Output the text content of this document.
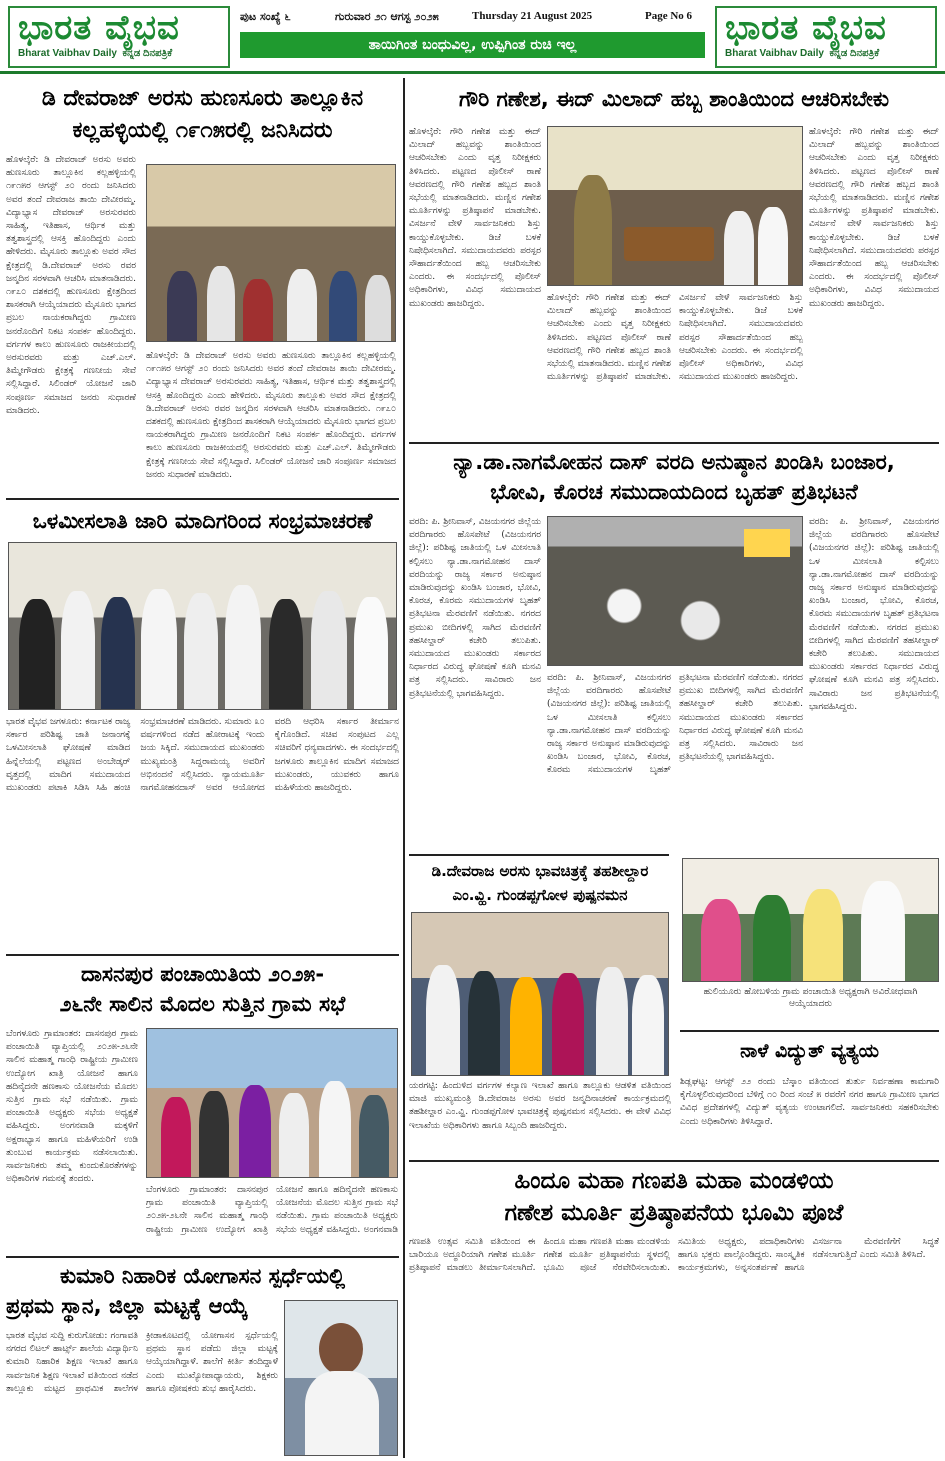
ಭಾರತ ವೈಭವ
Bharat Vaibhav Daily ಕನ್ನಡ ದಿನಪತ್ರಿಕೆ
ಪುಟ ಸಂಖ್ಯೆ ೬	ಗುರುವಾರ ೨೧ ಆಗಸ್ಟ ೨೦೨೫	Thursday 21 August 2025	Page No 6
ತಾಯಿಗಿಂತ ಬಂಧುವಿಲ್ಲ, ಉಪ್ಪಿಗಿಂತ ರುಚಿ ಇಲ್ಲ	ಭಾರತ ವೈಭವ
Bharat Vaibhav Daily ಕನ್ನಡ ದಿನಪತ್ರಿಕೆ
ಡಿ ದೇವರಾಜ್ ಅರಸು ಹುಣಸೂರು ತಾಲ್ಲೂಕಿನ
ಕಲ್ಲಹಳ್ಳಿಯಲ್ಲಿ ೧೯೧೫ರಲ್ಲಿ ಜನಿಸಿದರು
ಹೊಳಲ್ಕೆರೆ: ಡಿ ದೇವರಾಜ್ ಅರಸು ಅವರು ಹುಣಸೂರು ತಾಲ್ಲೂಕಿನ ಕಲ್ಲಹಳ್ಳಿಯಲ್ಲಿ ೧೯೧೫ರ ಆಗಸ್ಟ್ ೨೦ ರಂದು ಜನಿಸಿದರು ಅವರ ತಂದೆ ದೇವರಾಜ ತಾಯಿ ದೇವೀರಮ್ಮ. ವಿದ್ಯಾಭ್ಯಾಸ ದೇವರಾಜ್ ಅರಸುರವರು ಸಾಹಿತ್ಯ, ಇತಿಹಾಸ, ಆರ್ಥಿಕ ಮತ್ತು ತತ್ವಶಾಸ್ತ್ರದಲ್ಲಿ ಆಸಕ್ತಿ ಹೊಂದಿದ್ದರು ಎಂದು ಹೇಳಿದರು. ಮೈಸೂರು ತಾಲ್ಲೂಕು ಅವರ ಸೌದ ಕ್ಷೇತ್ರದಲ್ಲಿ ಡಿ.ದೇವರಾಜ್ ಅರಸು ರವರ ಜನ್ಮದಿನ ಸರಳವಾಗಿ ಆಚರಿಸಿ ಮಾತನಾಡಿದರು. ೧೯೭೦ ದಶಕದಲ್ಲಿ ಹುಣಸೂರು ಕ್ಷೇತ್ರದಿಂದ ಶಾಸಕರಾಗಿ ಆಯ್ಕೆಯಾದರು ಮೈಸೂರು ಭಾಗದ ಪ್ರಬಲ ನಾಯಕರಾಗಿದ್ದರು ಗ್ರಾಮೀಣ ಜನರೊಂದಿಗೆ ನಿಕಟ ಸಂಪರ್ಕ ಹೊಂದಿದ್ದರು. ವರ್ಗಗಳ ಕಾಲು ಹುಣಸೂರು ರಾಜಕೀಯದಲ್ಲಿ ಅರಸುರವರು ಮತ್ತು ಎಚ್.ಎಲ್. ತಿಮ್ಮೇಗೌಡರು ಕ್ಷೇತ್ರಕ್ಕೆ ಗಣನೀಯ ಸೇವೆ ಸಲ್ಲಿಸಿದ್ದಾರೆ. ಸಿಲಿಂಡರ್ ಯೋಜನೆ ಜಾರಿ ಸಂಪೂರ್ಣ ಸಮಾಜದ ಜನರು ಸುಧಾರಣೆ ಮಾಡಿದರು.
ಹೊಳಲ್ಕೆರೆ: ಡಿ ದೇವರಾಜ್ ಅರಸು ಅವರು ಹುಣಸೂರು ತಾಲ್ಲೂಕಿನ ಕಲ್ಲಹಳ್ಳಿಯಲ್ಲಿ ೧೯೧೫ರ ಆಗಸ್ಟ್ ೨೦ ರಂದು ಜನಿಸಿದರು ಅವರ ತಂದೆ ದೇವರಾಜ ತಾಯಿ ದೇವೀರಮ್ಮ. ವಿದ್ಯಾಭ್ಯಾಸ ದೇವರಾಜ್ ಅರಸುರವರು ಸಾಹಿತ್ಯ, ಇತಿಹಾಸ, ಆರ್ಥಿಕ ಮತ್ತು ತತ್ವಶಾಸ್ತ್ರದಲ್ಲಿ ಆಸಕ್ತಿ ಹೊಂದಿದ್ದರು ಎಂದು ಹೇಳಿದರು. ಮೈಸೂರು ತಾಲ್ಲೂಕು ಅವರ ಸೌದ ಕ್ಷೇತ್ರದಲ್ಲಿ ಡಿ.ದೇವರಾಜ್ ಅರಸು ರವರ ಜನ್ಮದಿನ ಸರಳವಾಗಿ ಆಚರಿಸಿ ಮಾತನಾಡಿದರು. ೧೯೭೦ ದಶಕದಲ್ಲಿ ಹುಣಸೂರು ಕ್ಷೇತ್ರದಿಂದ ಶಾಸಕರಾಗಿ ಆಯ್ಕೆಯಾದರು ಮೈಸೂರು ಭಾಗದ ಪ್ರಬಲ ನಾಯಕರಾಗಿದ್ದರು ಗ್ರಾಮೀಣ ಜನರೊಂದಿಗೆ ನಿಕಟ ಸಂಪರ್ಕ ಹೊಂದಿದ್ದರು. ವರ್ಗಗಳ ಕಾಲು ಹುಣಸೂರು ರಾಜಕೀಯದಲ್ಲಿ ಅರಸುರವರು ಮತ್ತು ಎಚ್.ಎಲ್. ತಿಮ್ಮೇಗೌಡರು ಕ್ಷೇತ್ರಕ್ಕೆ ಗಣನೀಯ ಸೇವೆ ಸಲ್ಲಿಸಿದ್ದಾರೆ. ಸಿಲಿಂಡರ್ ಯೋಜನೆ ಜಾರಿ ಸಂಪೂರ್ಣ ಸಮಾಜದ ಜನರು ಸುಧಾರಣೆ ಮಾಡಿದರು.
ಒಳಮೀಸಲಾತಿ ಜಾರಿ ಮಾದಿಗರಿಂದ ಸಂಭ್ರಮಾಚರಣೆ
ಭಾರತ ವೈಭವ ಜಗಳೂರು: ಕರ್ನಾಟಕ ರಾಜ್ಯ ಸರ್ಕಾರ ಪರಿಶಿಷ್ಟ ಜಾತಿ ಜನಾಂಗಕ್ಕೆ ಒಳಮೀಸಲಾತಿ ಘೋಷಣೆ ಮಾಡಿದ ಹಿನ್ನೆಲೆಯಲ್ಲಿ ಪಟ್ಟಣದ ಅಂಬೇಡ್ಕರ್ ವೃತ್ತದಲ್ಲಿ ಮಾದಿಗ ಸಮುದಾಯದ ಮುಖಂಡರು ಪಟಾಕಿ ಸಿಡಿಸಿ ಸಿಹಿ ಹಂಚಿ ಸಂಭ್ರಮಾಚರಣೆ ಮಾಡಿದರು. ಸುಮಾರು ೩೦ ವರ್ಷಗಳಿಂದ ನಡೆದ ಹೋರಾಟಕ್ಕೆ ಇಂದು ಜಯ ಸಿಕ್ಕಿದೆ. ಸಮುದಾಯದ ಮುಖಂಡರು ಮುಖ್ಯಮಂತ್ರಿ ಸಿದ್ದರಾಮಯ್ಯ ಅವರಿಗೆ ಅಭಿನಂದನೆ ಸಲ್ಲಿಸಿದರು. ನ್ಯಾಯಮೂರ್ತಿ ನಾಗಮೋಹನದಾಸ್ ಅವರ ಆಯೋಗದ ವರದಿ ಆಧರಿಸಿ ಸರ್ಕಾರ ತೀರ್ಮಾನ ಕೈಗೊಂಡಿದೆ. ಸಚಿವ ಸಂಪುಟದ ಎಲ್ಲ ಸಚಿವರಿಗೆ ಧನ್ಯವಾದಗಳು. ಈ ಸಂದರ್ಭದಲ್ಲಿ ಜಗಳೂರು ತಾಲ್ಲೂಕಿನ ಮಾದಿಗ ಸಮಾಜದ ಮುಖಂಡರು, ಯುವಕರು ಹಾಗೂ ಮಹಿಳೆಯರು ಹಾಜರಿದ್ದರು.
ದಾಸನಪುರ ಪಂಚಾಯಿತಿಯ ೨೦೨೫-
೨೬ನೇ ಸಾಲಿನ ಮೊದಲ ಸುತ್ತಿನ ಗ್ರಾಮ ಸಭೆ
ಬೆಂಗಳೂರು ಗ್ರಾಮಾಂತರ: ದಾಸನಪುರ ಗ್ರಾಮ ಪಂಚಾಯಿತಿ ವ್ಯಾಪ್ತಿಯಲ್ಲಿ ೨೦೨೫-೨೬ನೇ ಸಾಲಿನ ಮಹಾತ್ಮ ಗಾಂಧಿ ರಾಷ್ಟ್ರೀಯ ಗ್ರಾಮೀಣ ಉದ್ಯೋಗ ಖಾತ್ರಿ ಯೋಜನೆ ಹಾಗೂ ಹದಿನೈದನೇ ಹಣಕಾಸು ಯೋಜನೆಯ ಮೊದಲ ಸುತ್ತಿನ ಗ್ರಾಮ ಸಭೆ ನಡೆಯಿತು. ಗ್ರಾಮ ಪಂಚಾಯಿತಿ ಅಧ್ಯಕ್ಷರು ಸಭೆಯ ಅಧ್ಯಕ್ಷತೆ ವಹಿಸಿದ್ದರು. ಅಂಗನವಾಡಿ ಮಕ್ಕಳಿಗೆ ಅಕ್ಷರಾಭ್ಯಾಸ ಹಾಗೂ ಮಹಿಳೆಯರಿಗೆ ಉಡಿ ತುಂಬುವ ಕಾರ್ಯಕ್ರಮ ನಡೆಸಲಾಯಿತು. ಸಾರ್ವಜನಿಕರು ತಮ್ಮ ಕುಂದುಕೊರತೆಗಳನ್ನು ಅಧಿಕಾರಿಗಳ ಗಮನಕ್ಕೆ ತಂದರು.
ಬೆಂಗಳೂರು ಗ್ರಾಮಾಂತರ: ದಾಸನಪುರ ಗ್ರಾಮ ಪಂಚಾಯಿತಿ ವ್ಯಾಪ್ತಿಯಲ್ಲಿ ೨೦೨೫-೨೬ನೇ ಸಾಲಿನ ಮಹಾತ್ಮ ಗಾಂಧಿ ರಾಷ್ಟ್ರೀಯ ಗ್ರಾಮೀಣ ಉದ್ಯೋಗ ಖಾತ್ರಿ ಯೋಜನೆ ಹಾಗೂ ಹದಿನೈದನೇ ಹಣಕಾಸು ಯೋಜನೆಯ ಮೊದಲ ಸುತ್ತಿನ ಗ್ರಾಮ ಸಭೆ ನಡೆಯಿತು. ಗ್ರಾಮ ಪಂಚಾಯಿತಿ ಅಧ್ಯಕ್ಷರು ಸಭೆಯ ಅಧ್ಯಕ್ಷತೆ ವಹಿಸಿದ್ದರು. ಅಂಗನವಾಡಿ
ಕುಮಾರಿ ನಿಹಾರಿಕ ಯೋಗಾಸನ ಸ್ಪರ್ಧೆಯಲ್ಲಿ
ಪ್ರಥಮ ಸ್ಥಾನ, ಜಿಲ್ಲಾ ಮಟ್ಟಕ್ಕೆ ಆಯ್ಕೆ
ಭಾರತ ವೈಭವ ಸುದ್ದಿ ಕುರುಗೋಡು: ಗಂಗಾವತಿ ನಗರದ ಲಿಟಲ್ ಹಾರ್ಟ್ಸ್ ಶಾಲೆಯ ವಿದ್ಯಾರ್ಥಿನಿ ಕುಮಾರಿ ನಿಹಾರಿಕ ಶಿಕ್ಷಣ ಇಲಾಖೆ ಹಾಗೂ ಸಾರ್ವಜನಿಕ ಶಿಕ್ಷಣ ಇಲಾಖೆ ವತಿಯಿಂದ ನಡೆದ ತಾಲ್ಲೂಕು ಮಟ್ಟದ ಪ್ರಾಥಮಿಕ ಶಾಲೆಗಳ ಕ್ರೀಡಾಕೂಟದಲ್ಲಿ ಯೋಗಾಸನ ಸ್ಪರ್ಧೆಯಲ್ಲಿ ಪ್ರಥಮ ಸ್ಥಾನ ಪಡೆದು ಜಿಲ್ಲಾ ಮಟ್ಟಕ್ಕೆ ಆಯ್ಕೆಯಾಗಿದ್ದಾಳೆ. ಶಾಲೆಗೆ ಕೀರ್ತಿ ತಂದಿದ್ದಾಳೆ ಎಂದು ಮುಖ್ಯೋಪಾಧ್ಯಾಯರು, ಶಿಕ್ಷಕರು ಹಾಗೂ ಪೋಷಕರು ಶುಭ ಹಾರೈಸಿದರು.
ಗೌರಿ ಗಣೇಶ, ಈದ್ ಮಿಲಾದ್ ಹಬ್ಬ ಶಾಂತಿಯಿಂದ ಆಚರಿಸಬೇಕು
ಹೊಳಲ್ಕೆರೆ: ಗೌರಿ ಗಣೇಶ ಮತ್ತು ಈದ್ ಮಿಲಾದ್ ಹಬ್ಬವನ್ನು ಶಾಂತಿಯಿಂದ ಆಚರಿಸಬೇಕು ಎಂದು ವೃತ್ತ ನಿರೀಕ್ಷಕರು ತಿಳಿಸಿದರು. ಪಟ್ಟಣದ ಪೊಲೀಸ್ ಠಾಣೆ ಆವರಣದಲ್ಲಿ ಗೌರಿ ಗಣೇಶ ಹಬ್ಬದ ಶಾಂತಿ ಸಭೆಯಲ್ಲಿ ಮಾತನಾಡಿದರು. ಮಣ್ಣಿನ ಗಣೇಶ ಮೂರ್ತಿಗಳನ್ನು ಪ್ರತಿಷ್ಠಾಪನೆ ಮಾಡಬೇಕು. ವಿಸರ್ಜನೆ ವೇಳೆ ಸಾರ್ವಜನಿಕರು ಶಿಸ್ತು ಕಾಯ್ದುಕೊಳ್ಳಬೇಕು. ಡಿಜೆ ಬಳಕೆ ನಿಷೇಧಿಸಲಾಗಿದೆ. ಸಮುದಾಯದವರು ಪರಸ್ಪರ ಸೌಹಾರ್ದತೆಯಿಂದ ಹಬ್ಬ ಆಚರಿಸಬೇಕು ಎಂದರು. ಈ ಸಂದರ್ಭದಲ್ಲಿ ಪೊಲೀಸ್ ಅಧಿಕಾರಿಗಳು, ವಿವಿಧ ಸಮುದಾಯದ ಮುಖಂಡರು ಹಾಜರಿದ್ದರು.
ಹೊಳಲ್ಕೆರೆ: ಗೌರಿ ಗಣೇಶ ಮತ್ತು ಈದ್ ಮಿಲಾದ್ ಹಬ್ಬವನ್ನು ಶಾಂತಿಯಿಂದ ಆಚರಿಸಬೇಕು ಎಂದು ವೃತ್ತ ನಿರೀಕ್ಷಕರು ತಿಳಿಸಿದರು. ಪಟ್ಟಣದ ಪೊಲೀಸ್ ಠಾಣೆ ಆವರಣದಲ್ಲಿ ಗೌರಿ ಗಣೇಶ ಹಬ್ಬದ ಶಾಂತಿ ಸಭೆಯಲ್ಲಿ ಮಾತನಾಡಿದರು. ಮಣ್ಣಿನ ಗಣೇಶ ಮೂರ್ತಿಗಳನ್ನು ಪ್ರತಿಷ್ಠಾಪನೆ ಮಾಡಬೇಕು. ವಿಸರ್ಜನೆ ವೇಳೆ ಸಾರ್ವಜನಿಕರು ಶಿಸ್ತು ಕಾಯ್ದುಕೊಳ್ಳಬೇಕು. ಡಿಜೆ ಬಳಕೆ ನಿಷೇಧಿಸಲಾಗಿದೆ. ಸಮುದಾಯದವರು ಪರಸ್ಪರ ಸೌಹಾರ್ದತೆಯಿಂದ ಹಬ್ಬ ಆಚರಿಸಬೇಕು ಎಂದರು. ಈ ಸಂದರ್ಭದಲ್ಲಿ ಪೊಲೀಸ್ ಅಧಿಕಾರಿಗಳು, ವಿವಿಧ ಸಮುದಾಯದ ಮುಖಂಡರು ಹಾಜರಿದ್ದರು.
ಹೊಳಲ್ಕೆರೆ: ಗೌರಿ ಗಣೇಶ ಮತ್ತು ಈದ್ ಮಿಲಾದ್ ಹಬ್ಬವನ್ನು ಶಾಂತಿಯಿಂದ ಆಚರಿಸಬೇಕು ಎಂದು ವೃತ್ತ ನಿರೀಕ್ಷಕರು ತಿಳಿಸಿದರು. ಪಟ್ಟಣದ ಪೊಲೀಸ್ ಠಾಣೆ ಆವರಣದಲ್ಲಿ ಗೌರಿ ಗಣೇಶ ಹಬ್ಬದ ಶಾಂತಿ ಸಭೆಯಲ್ಲಿ ಮಾತನಾಡಿದರು. ಮಣ್ಣಿನ ಗಣೇಶ ಮೂರ್ತಿಗಳನ್ನು ಪ್ರತಿಷ್ಠಾಪನೆ ಮಾಡಬೇಕು. ವಿಸರ್ಜನೆ ವೇಳೆ ಸಾರ್ವಜನಿಕರು ಶಿಸ್ತು ಕಾಯ್ದುಕೊಳ್ಳಬೇಕು. ಡಿಜೆ ಬಳಕೆ ನಿಷೇಧಿಸಲಾಗಿದೆ. ಸಮುದಾಯದವರು ಪರಸ್ಪರ ಸೌಹಾರ್ದತೆಯಿಂದ ಹಬ್ಬ ಆಚರಿಸಬೇಕು ಎಂದರು. ಈ ಸಂದರ್ಭದಲ್ಲಿ ಪೊಲೀಸ್ ಅಧಿಕಾರಿಗಳು, ವಿವಿಧ ಸಮುದಾಯದ ಮುಖಂಡರು ಹಾಜರಿದ್ದರು.
ನ್ಯಾ.ಡಾ.ನಾಗಮೋಹನ ದಾಸ್ ವರದಿ ಅನುಷ್ಠಾನ ಖಂಡಿಸಿ ಬಂಜಾರ,
ಭೋವಿ, ಕೊರಚ ಸಮುದಾಯದಿಂದ ಬೃಹತ್ ಪ್ರತಿಭಟನೆ
ವರದಿ: ಪಿ. ಶ್ರೀನಿವಾಸ್, ವಿಜಯನಗರ ಜಿಲ್ಲೆಯ ವರದಿಗಾರರು ಹೊಸಪೇಟೆ (ವಿಜಯನಗರ ಜಿಲ್ಲೆ): ಪರಿಶಿಷ್ಟ ಜಾತಿಯಲ್ಲಿ ಒಳ ಮೀಸಲಾತಿ ಕಲ್ಪಿಸಲು ನ್ಯಾ.ಡಾ.ನಾಗಮೋಹನ ದಾಸ್ ವರದಿಯನ್ನು ರಾಜ್ಯ ಸರ್ಕಾರ ಅನುಷ್ಠಾನ ಮಾಡಿರುವುದನ್ನು ಖಂಡಿಸಿ ಬಂಜಾರ, ಭೋವಿ, ಕೊರಚ, ಕೊರಮ ಸಮುದಾಯಗಳ ಬೃಹತ್ ಪ್ರತಿಭಟನಾ ಮೆರವಣಿಗೆ ನಡೆಯಿತು. ನಗರದ ಪ್ರಮುಖ ಬೀದಿಗಳಲ್ಲಿ ಸಾಗಿದ ಮೆರವಣಿಗೆ ತಹಸೀಲ್ದಾರ್ ಕಚೇರಿ ತಲುಪಿತು. ಸಮುದಾಯದ ಮುಖಂಡರು ಸರ್ಕಾರದ ನಿರ್ಧಾರದ ವಿರುದ್ಧ ಘೋಷಣೆ ಕೂಗಿ ಮನವಿ ಪತ್ರ ಸಲ್ಲಿಸಿದರು. ಸಾವಿರಾರು ಜನ ಪ್ರತಿಭಟನೆಯಲ್ಲಿ ಭಾಗವಹಿಸಿದ್ದರು.
ವರದಿ: ಪಿ. ಶ್ರೀನಿವಾಸ್, ವಿಜಯನಗರ ಜಿಲ್ಲೆಯ ವರದಿಗಾರರು ಹೊಸಪೇಟೆ (ವಿಜಯನಗರ ಜಿಲ್ಲೆ): ಪರಿಶಿಷ್ಟ ಜಾತಿಯಲ್ಲಿ ಒಳ ಮೀಸಲಾತಿ ಕಲ್ಪಿಸಲು ನ್ಯಾ.ಡಾ.ನಾಗಮೋಹನ ದಾಸ್ ವರದಿಯನ್ನು ರಾಜ್ಯ ಸರ್ಕಾರ ಅನುಷ್ಠಾನ ಮಾಡಿರುವುದನ್ನು ಖಂಡಿಸಿ ಬಂಜಾರ, ಭೋವಿ, ಕೊರಚ, ಕೊರಮ ಸಮುದಾಯಗಳ ಬೃಹತ್ ಪ್ರತಿಭಟನಾ ಮೆರವಣಿಗೆ ನಡೆಯಿತು. ನಗರದ ಪ್ರಮುಖ ಬೀದಿಗಳಲ್ಲಿ ಸಾಗಿದ ಮೆರವಣಿಗೆ ತಹಸೀಲ್ದಾರ್ ಕಚೇರಿ ತಲುಪಿತು. ಸಮುದಾಯದ ಮುಖಂಡರು ಸರ್ಕಾರದ ನಿರ್ಧಾರದ ವಿರುದ್ಧ ಘೋಷಣೆ ಕೂಗಿ ಮನವಿ ಪತ್ರ ಸಲ್ಲಿಸಿದರು. ಸಾವಿರಾರು ಜನ ಪ್ರತಿಭಟನೆಯಲ್ಲಿ ಭಾಗವಹಿಸಿದ್ದರು.
ವರದಿ: ಪಿ. ಶ್ರೀನಿವಾಸ್, ವಿಜಯನಗರ ಜಿಲ್ಲೆಯ ವರದಿಗಾರರು ಹೊಸಪೇಟೆ (ವಿಜಯನಗರ ಜಿಲ್ಲೆ): ಪರಿಶಿಷ್ಟ ಜಾತಿಯಲ್ಲಿ ಒಳ ಮೀಸಲಾತಿ ಕಲ್ಪಿಸಲು ನ್ಯಾ.ಡಾ.ನಾಗಮೋಹನ ದಾಸ್ ವರದಿಯನ್ನು ರಾಜ್ಯ ಸರ್ಕಾರ ಅನುಷ್ಠಾನ ಮಾಡಿರುವುದನ್ನು ಖಂಡಿಸಿ ಬಂಜಾರ, ಭೋವಿ, ಕೊರಚ, ಕೊರಮ ಸಮುದಾಯಗಳ ಬೃಹತ್ ಪ್ರತಿಭಟನಾ ಮೆರವಣಿಗೆ ನಡೆಯಿತು. ನಗರದ ಪ್ರಮುಖ ಬೀದಿಗಳಲ್ಲಿ ಸಾಗಿದ ಮೆರವಣಿಗೆ ತಹಸೀಲ್ದಾರ್ ಕಚೇರಿ ತಲುಪಿತು. ಸಮುದಾಯದ ಮುಖಂಡರು ಸರ್ಕಾರದ ನಿರ್ಧಾರದ ವಿರುದ್ಧ ಘೋಷಣೆ ಕೂಗಿ ಮನವಿ ಪತ್ರ ಸಲ್ಲಿಸಿದರು. ಸಾವಿರಾರು ಜನ ಪ್ರತಿಭಟನೆಯಲ್ಲಿ ಭಾಗವಹಿಸಿದ್ದರು.
ಡಿ.ದೇವರಾಜ ಅರಸು ಭಾವಚಿತ್ರಕ್ಕೆ ತಹಶೀಲ್ದಾರ
ಎಂ.ವ್ಹಿ. ಗುಂಡಪ್ಪಗೋಳ ಪುಷ್ಪನಮನ
ಯರಗಟ್ಟಿ: ಹಿಂದುಳಿದ ವರ್ಗಗಳ ಕಲ್ಯಾಣ ಇಲಾಖೆ ಹಾಗೂ ತಾಲ್ಲೂಕು ಆಡಳಿತ ವತಿಯಿಂದ ಮಾಜಿ ಮುಖ್ಯಮಂತ್ರಿ ಡಿ.ದೇವರಾಜ ಅರಸು ಅವರ ಜನ್ಮದಿನಾಚರಣೆ ಕಾರ್ಯಕ್ರಮದಲ್ಲಿ ತಹಶೀಲ್ದಾರ ಎಂ.ವ್ಹಿ. ಗುಂಡಪ್ಪಗೋಳ ಭಾವಚಿತ್ರಕ್ಕೆ ಪುಷ್ಪನಮನ ಸಲ್ಲಿಸಿದರು. ಈ ವೇಳೆ ವಿವಿಧ ಇಲಾಖೆಯ ಅಧಿಕಾರಿಗಳು ಹಾಗೂ ಸಿಬ್ಬಂದಿ ಹಾಜರಿದ್ದರು.
ಹುಲಿಯೂರು ಹೋಬಳಿಯ ಗ್ರಾಮ ಪಂಚಾಯಿತಿ ಅಧ್ಯಕ್ಷರಾಗಿ ಅವಿರೋಧವಾಗಿ ಆಯ್ಕೆಯಾದರು
ನಾಳೆ ವಿದ್ಯುತ್ ವ್ಯತ್ಯಯ
ಶಿಡ್ಲಘಟ್ಟ: ಆಗಸ್ಟ್ ೨೨ ರಂದು ಬೆಸ್ಕಾಂ ವತಿಯಿಂದ ತುರ್ತು ನಿರ್ವಹಣಾ ಕಾಮಗಾರಿ ಕೈಗೊಳ್ಳಲಿರುವುದರಿಂದ ಬೆಳಿಗ್ಗೆ ೧೦ ರಿಂದ ಸಂಜೆ ೫ ರವರೆಗೆ ನಗರ ಹಾಗೂ ಗ್ರಾಮೀಣ ಭಾಗದ ವಿವಿಧ ಪ್ರದೇಶಗಳಲ್ಲಿ ವಿದ್ಯುತ್ ವ್ಯತ್ಯಯ ಉಂಟಾಗಲಿದೆ. ಸಾರ್ವಜನಿಕರು ಸಹಕರಿಸಬೇಕು ಎಂದು ಅಧಿಕಾರಿಗಳು ತಿಳಿಸಿದ್ದಾರೆ.
ಹಿಂದೂ ಮಹಾ ಗಣಪತಿ ಮಹಾ ಮಂಡಳಿಯ
ಗಣೇಶ ಮೂರ್ತಿ ಪ್ರತಿಷ್ಠಾಪನೆಯ ಭೂಮಿ ಪೂಜೆ
ಗಣಪತಿ ಉತ್ಸವ ಸಮಿತಿ ವತಿಯಿಂದ ಈ ಬಾರಿಯೂ ಅದ್ಧೂರಿಯಾಗಿ ಗಣೇಶ ಮೂರ್ತಿ ಪ್ರತಿಷ್ಠಾಪನೆ ಮಾಡಲು ತೀರ್ಮಾನಿಸಲಾಗಿದೆ. ಹಿಂದೂ ಮಹಾ ಗಣಪತಿ ಮಹಾ ಮಂಡಳಿಯ ಗಣೇಶ ಮೂರ್ತಿ ಪ್ರತಿಷ್ಠಾಪನೆಯ ಸ್ಥಳದಲ್ಲಿ ಭೂಮಿ ಪೂಜೆ ನೆರವೇರಿಸಲಾಯಿತು. ಸಮಿತಿಯ ಅಧ್ಯಕ್ಷರು, ಪದಾಧಿಕಾರಿಗಳು ಹಾಗೂ ಭಕ್ತರು ಪಾಲ್ಗೊಂಡಿದ್ದರು. ಸಾಂಸ್ಕೃತಿಕ ಕಾರ್ಯಕ್ರಮಗಳು, ಅನ್ನಸಂತರ್ಪಣೆ ಹಾಗೂ ವಿಸರ್ಜನಾ ಮೆರವಣಿಗೆಗೆ ಸಿದ್ಧತೆ ನಡೆಸಲಾಗುತ್ತಿದೆ ಎಂದು ಸಮಿತಿ ತಿಳಿಸಿದೆ.
